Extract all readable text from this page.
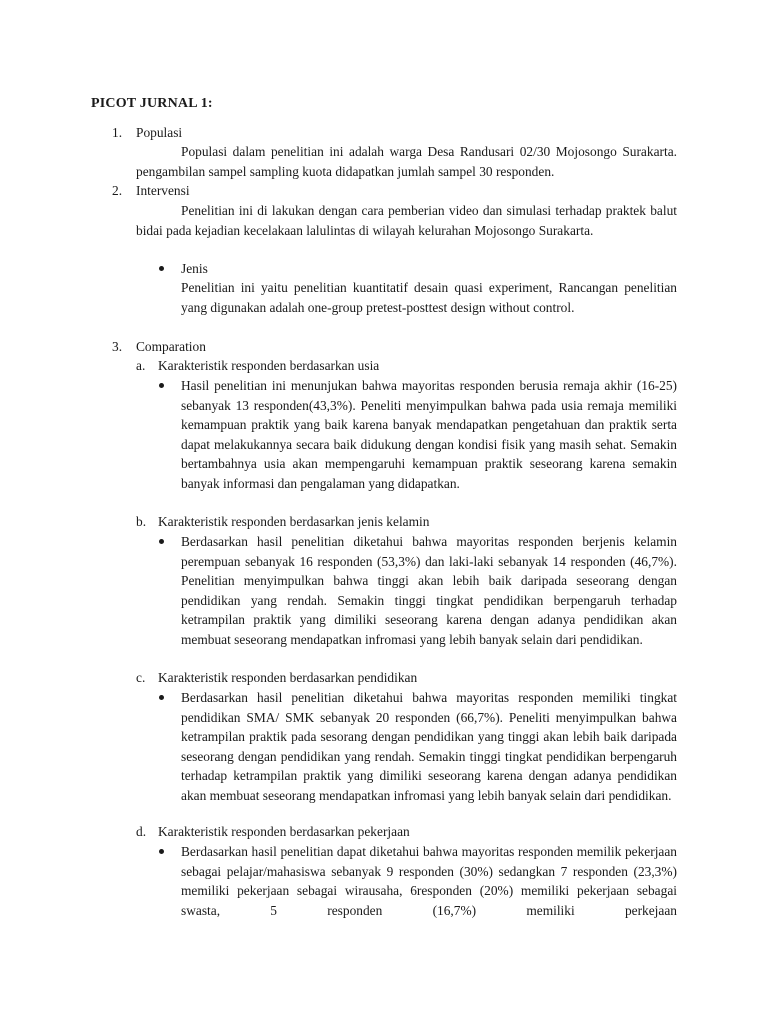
PICOT JURNAL 1:
1.	Populasi
Populasi dalam penelitian ini adalah warga Desa Randusari 02/30 Mojosongo Surakarta. pengambilan sampel sampling kuota didapatkan jumlah sampel 30 responden.
2.	Intervensi
Penelitian ini di lakukan dengan cara pemberian video dan simulasi terhadap praktek balut bidai pada kejadian kecelakaan lalulintas di wilayah kelurahan Mojosongo Surakarta.
Jenis
Penelitian ini yaitu penelitian kuantitatif desain quasi experiment, Rancangan penelitian yang digunakan adalah one-group pretest-posttest design without control.
3.	Comparation
a. Karakteristik responden berdasarkan usia
Hasil penelitian ini menunjukan bahwa mayoritas responden berusia remaja akhir (16-25) sebanyak 13 responden(43,3%). Peneliti menyimpulkan bahwa pada usia remaja memiliki kemampuan praktik yang baik karena banyak mendapatkan pengetahuan dan praktik serta dapat melakukannya secara baik didukung dengan kondisi fisik yang masih sehat. Semakin bertambahnya usia akan mempengaruhi kemampuan praktik seseorang karena semakin banyak informasi dan pengalaman yang didapatkan.
b. Karakteristik responden berdasarkan jenis kelamin
Berdasarkan hasil penelitian diketahui bahwa mayoritas responden berjenis kelamin perempuan sebanyak 16 responden (53,3%) dan laki-laki sebanyak 14 responden (46,7%). Penelitian menyimpulkan bahwa tinggi akan lebih baik daripada seseorang dengan pendidikan yang rendah. Semakin tinggi tingkat pendidikan berpengaruh terhadap ketrampilan praktik yang dimiliki seseorang karena dengan adanya pendidikan akan membuat seseorang mendapatkan infromasi yang lebih banyak selain dari pendidikan.
c. Karakteristik responden berdasarkan pendidikan
Berdasarkan hasil penelitian diketahui bahwa mayoritas responden memiliki tingkat pendidikan SMA/ SMK sebanyak 20 responden (66,7%). Peneliti menyimpulkan bahwa ketrampilan praktik pada sesorang dengan pendidikan yang tinggi akan lebih baik daripada seseorang dengan pendidikan yang rendah. Semakin tinggi tingkat pendidikan berpengaruh terhadap ketrampilan praktik yang dimiliki seseorang karena dengan adanya pendidikan akan membuat seseorang mendapatkan infromasi yang lebih banyak selain dari pendidikan.
d. Karakteristik responden berdasarkan pekerjaan
Berdasarkan hasil penelitian dapat diketahui bahwa mayoritas responden memilik pekerjaan sebagai pelajar/mahasiswa sebanyak 9 responden (30%) sedangkan 7 responden (23,3%) memiliki pekerjaan sebagai wirausaha, 6responden (20%) memiliki pekerjaan sebagai swasta, 5 responden (16,7%) memiliki perkejaan
